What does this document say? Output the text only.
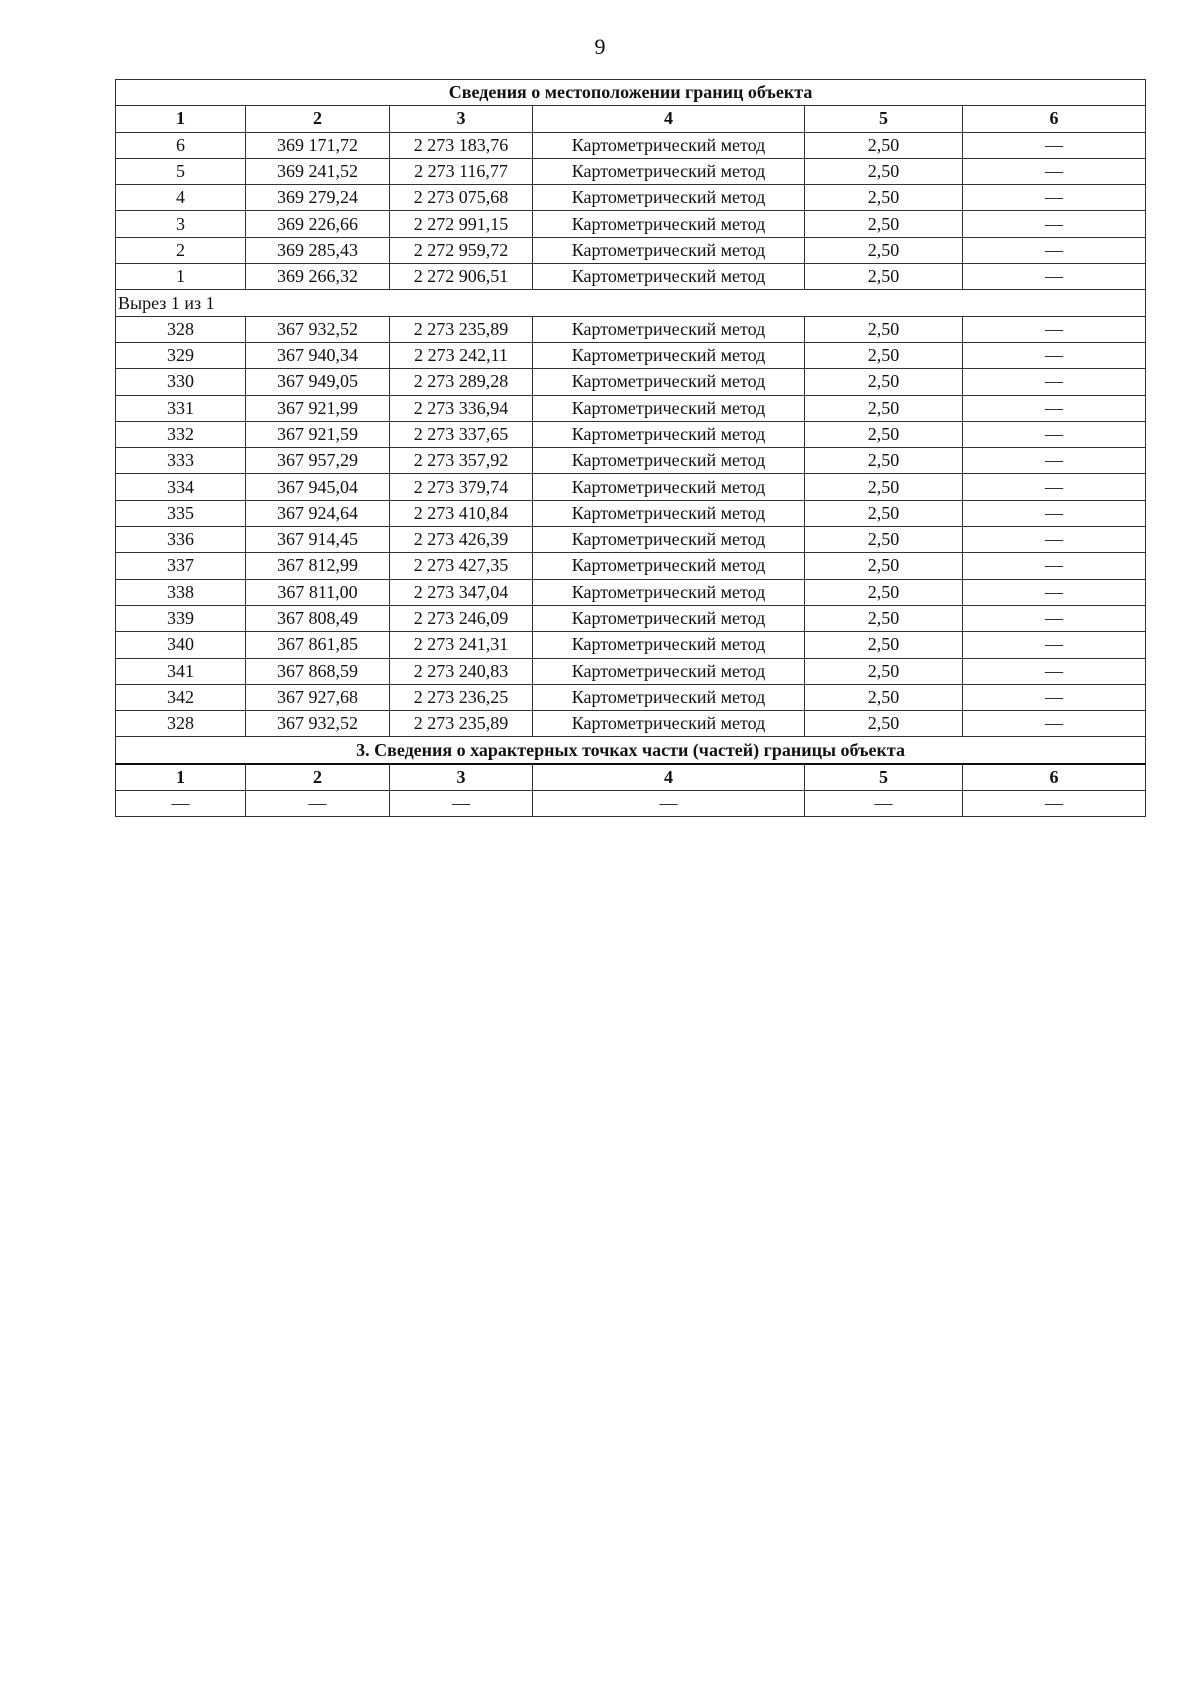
9
Сведения о местоположении границ объекта					
1	2	3	4	5	6
6	369 171,72	2 273 183,76	Картометрический метод	2,50	—
5	369 241,52	2 273 116,77	Картометрический метод	2,50	—
4	369 279,24	2 273 075,68	Картометрический метод	2,50	—
3	369 226,66	2 272 991,15	Картометрический метод	2,50	—
2	369 285,43	2 272 959,72	Картометрический метод	2,50	—
1	369 266,32	2 272 906,51	Картометрический метод	2,50	—
Вырез 1 из 1					
328	367 932,52	2 273 235,89	Картометрический метод	2,50	—
329	367 940,34	2 273 242,11	Картометрический метод	2,50	—
330	367 949,05	2 273 289,28	Картометрический метод	2,50	—
331	367 921,99	2 273 336,94	Картометрический метод	2,50	—
332	367 921,59	2 273 337,65	Картометрический метод	2,50	—
333	367 957,29	2 273 357,92	Картометрический метод	2,50	—
334	367 945,04	2 273 379,74	Картометрический метод	2,50	—
335	367 924,64	2 273 410,84	Картометрический метод	2,50	—
336	367 914,45	2 273 426,39	Картометрический метод	2,50	—
337	367 812,99	2 273 427,35	Картометрический метод	2,50	—
338	367 811,00	2 273 347,04	Картометрический метод	2,50	—
339	367 808,49	2 273 246,09	Картометрический метод	2,50	—
340	367 861,85	2 273 241,31	Картометрический метод	2,50	—
341	367 868,59	2 273 240,83	Картометрический метод	2,50	—
342	367 927,68	2 273 236,25	Картометрический метод	2,50	—
328	367 932,52	2 273 235,89	Картометрический метод	2,50	—
3. Сведения о характерных точках части (частей) границы объекта					
1	2	3	4	5	6
—	—	—	—	—	—
